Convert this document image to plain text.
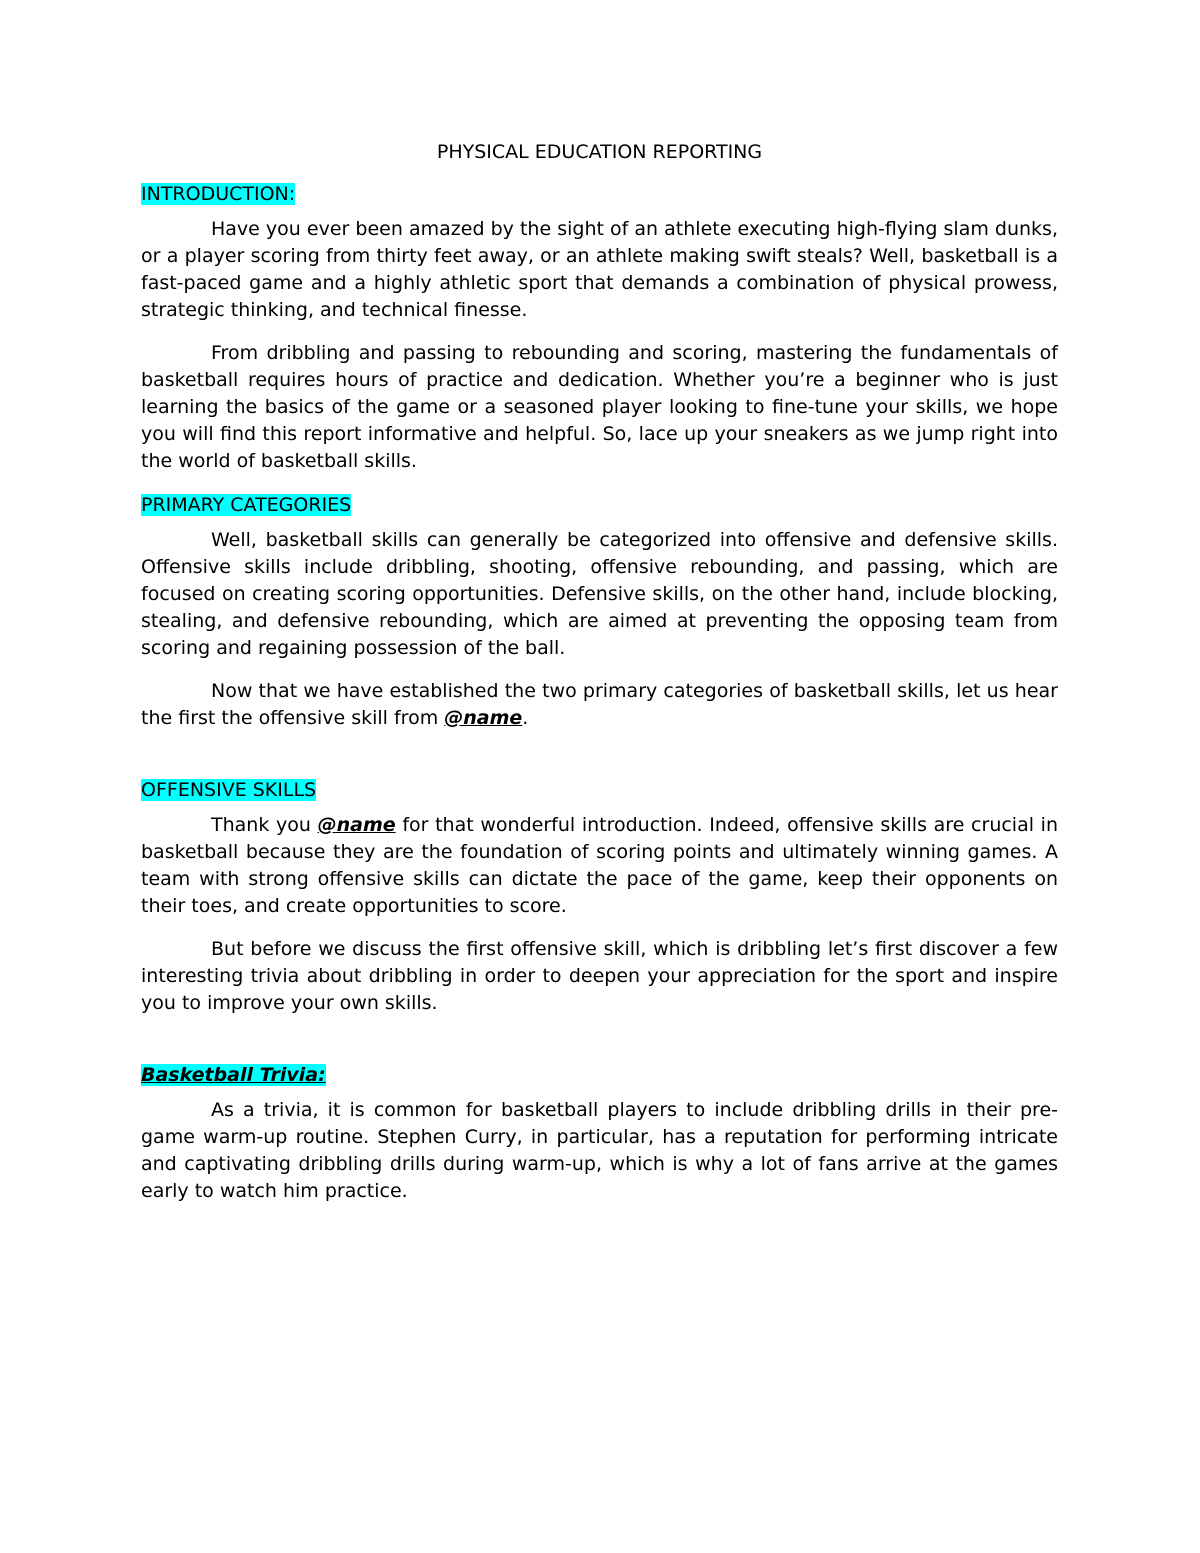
PHYSICAL EDUCATION REPORTING
INTRODUCTION:

Have you ever been amazed by the sight of an athlete executing high-flying slam dunks, or a player scoring from thirty feet away, or an athlete making swift steals? Well, basketball is a fast-paced game and a highly athletic sport that demands a combination of physical prowess, strategic thinking, and technical finesse.

From dribbling and passing to rebounding and scoring, mastering the fundamentals of basketball requires hours of practice and dedication. Whether you’re a beginner who is just learning the basics of the game or a seasoned player looking to fine-tune your skills, we hope you will find this report informative and helpful. So, lace up your sneakers as we jump right into the world of basketball skills.

PRIMARY CATEGORIES

Well, basketball skills can generally be categorized into offensive and defensive skills. Offensive skills include dribbling, shooting, offensive rebounding, and passing, which are focused on creating scoring opportunities. Defensive skills, on the other hand, include blocking, stealing, and defensive rebounding, which are aimed at preventing the opposing team from scoring and regaining possession of the ball.

Now that we have established the two primary categories of basketball skills, let us hear the first the offensive skill from @name.

OFFENSIVE SKILLS

Thank you @name for that wonderful introduction. Indeed, offensive skills are crucial in basketball because they are the foundation of scoring points and ultimately winning games. A team with strong offensive skills can dictate the pace of the game, keep their opponents on their toes, and create opportunities to score.

But before we discuss the first offensive skill, which is dribbling let’s first discover a few interesting trivia about dribbling in order to deepen your appreciation for the sport and inspire you to improve your own skills.

Basketball Trivia:

As a trivia, it is common for basketball players to include dribbling drills in their pre-game warm-up routine. Stephen Curry, in particular, has a reputation for performing intricate and captivating dribbling drills during warm-up, which is why a lot of fans arrive at the games early to watch him practice.
